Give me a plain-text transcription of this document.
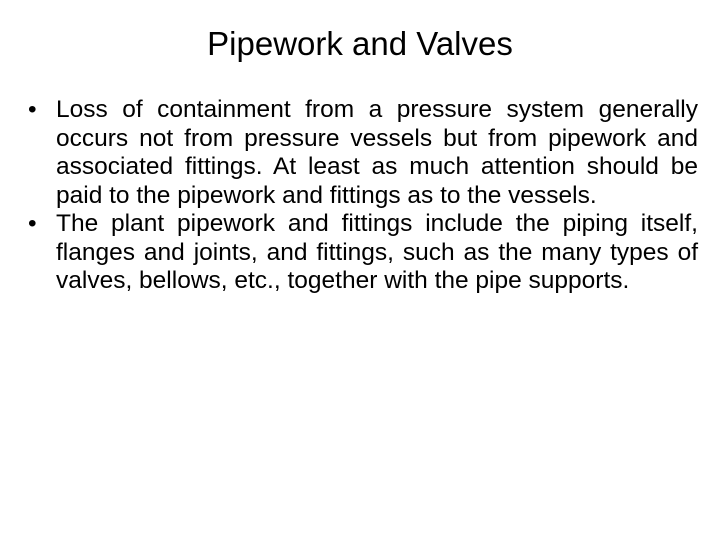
Pipework and Valves
• Loss of containment from a pressure system generally occurs not from pressure vessels but from pipework and associated fittings. At least as much attention should be paid to the pipework and fittings as to the vessels.
• The plant pipework and fittings include the piping itself, flanges and joints, and fittings, such as the many types of valves, bellows, etc., together with the pipe supports.
